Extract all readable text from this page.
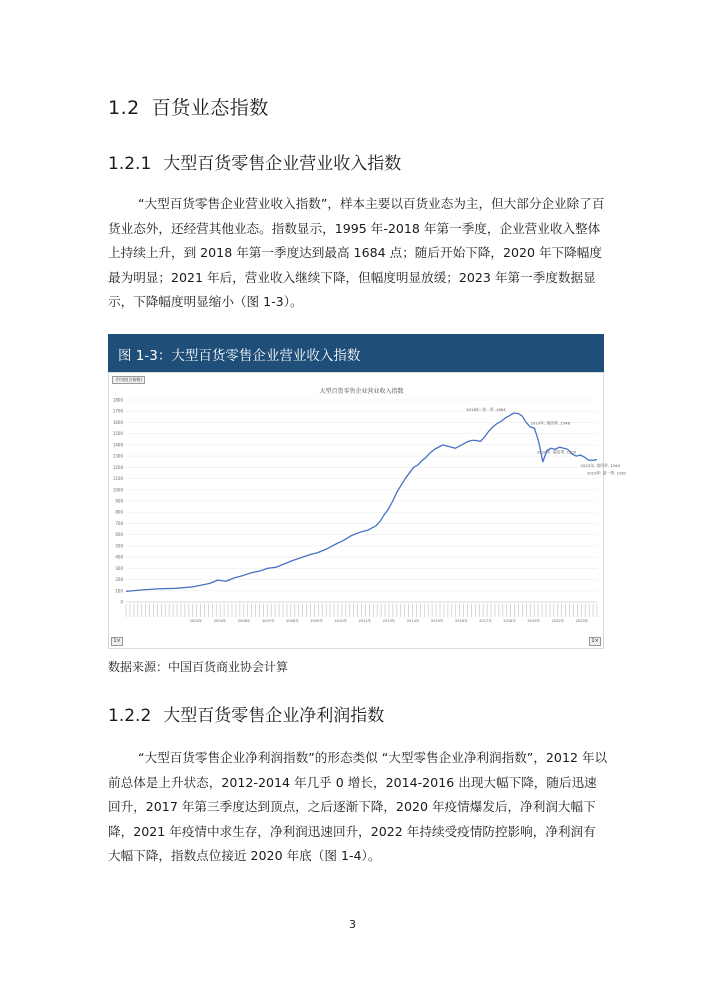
1.2 百货业态指数
1.2.1 大型百货零售企业营业收入指数
“大型百货零售企业营业收入指数”，样本主要以百货业态为主，但大部分企业除了百货业态外，还经营其他业态。指数显示，1995 年-2018 年第一季度，企业营业收入整体上持续上升，到 2018 年第一季度达到最高 1684 点；随后开始下降，2020 年下降幅度最为明显；2021 年后，营业收入继续下降，但幅度明显放缓；2023 年第一季度数据显示，下降幅度明显缩小（图 1-3）。
图 1-3：大型百货零售企业营业收入指数
大型百货零售企业营业收入指数
0
100
200
300
400
500
600
700
800
900
1000
1100
1200
1300
1400
1500
1600
1700
1800
2002年	2004年	2006年	2007年	2008年	2009年	2010年	2011年	2013年	2014年	2015年	2016年	2017年	2018年	2019年	2022年	2023年
2018年: 第一季, 1684
2019年: 第四季, 1548
2020年: 第四季, 1350
2022年: 第四季, 1264
2023年: 第一季, 1262
月均值(点指数)
1×	1×
数据来源：中国百货商业协会计算
1.2.2 大型百货零售企业净利润指数
“大型百货零售企业净利润指数”的形态类似 “大型零售企业净利润指数”，2012 年以前总体是上升状态，2012-2014 年几乎 0 增长，2014-2016 出现大幅下降，随后迅速回升，2017 年第三季度达到顶点，之后逐渐下降，2020 年疫情爆发后，净利润大幅下降，2021 年疫情中求生存，净利润迅速回升，2022 年持续受疫情防控影响，净利润有大幅下降，指数点位接近 2020 年底（图 1-4）。
3
